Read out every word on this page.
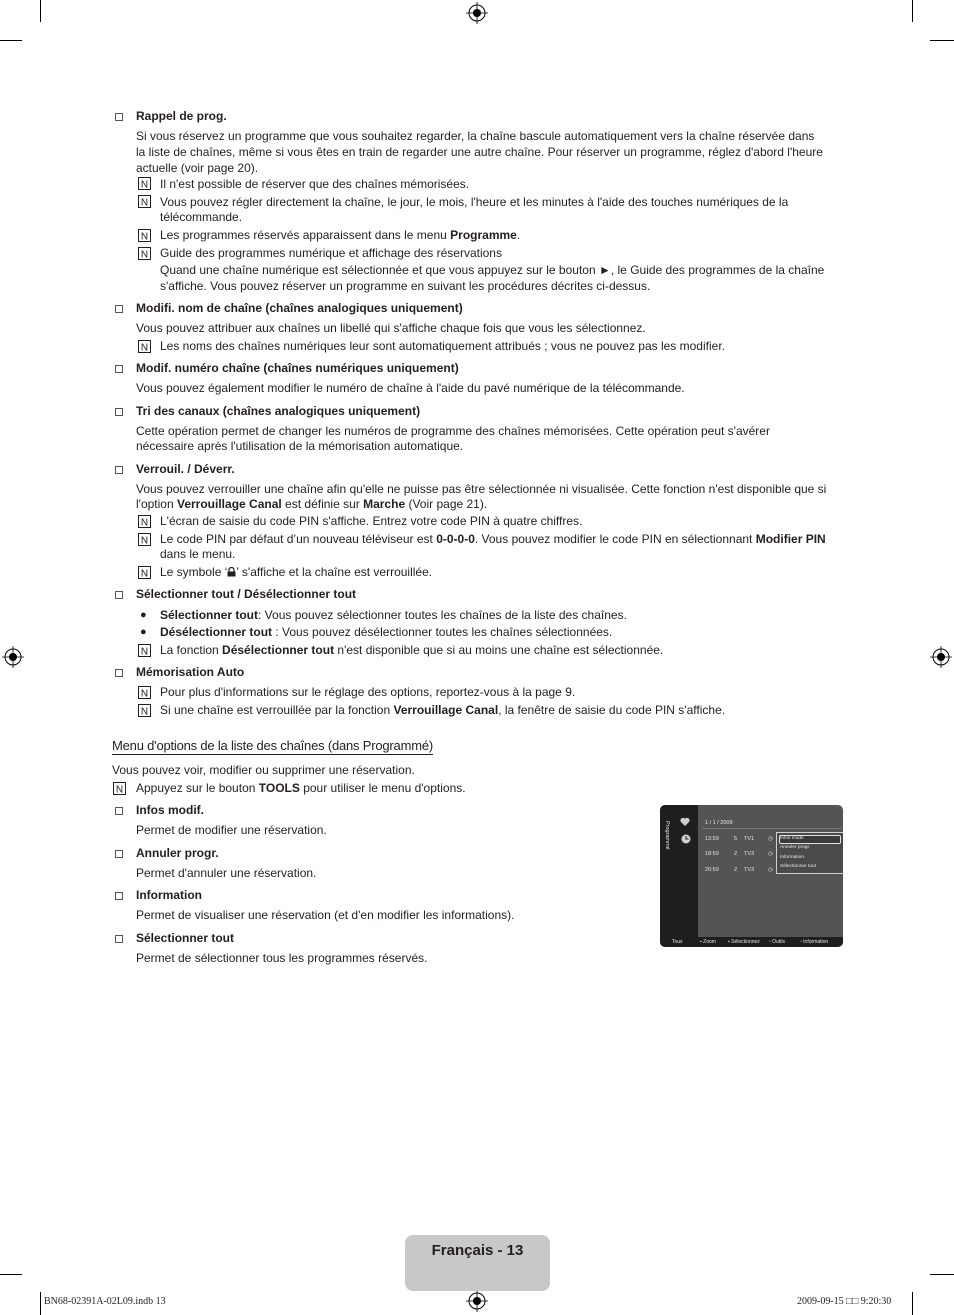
Rappel de prog.
Si vous réservez un programme que vous souhaitez regarder, la chaîne bascule automatiquement vers la chaîne réservée dans
la liste de chaînes, même si vous êtes en train de regarder une autre chaîne. Pour réserver un programme, réglez d'abord l'heure
actuelle (voir page 20).
N Il n'est possible de réserver que des chaînes mémorisées.
N Vous pouvez régler directement la chaîne, le jour, le mois, l'heure et les minutes à l'aide des touches numériques de la
télécommande.
N Les programmes réservés apparaissent dans le menu Programme.
N Guide des programmes numérique et affichage des réservations
Quand une chaîne numérique est sélectionnée et que vous appuyez sur le bouton ►, le Guide des programmes de la chaîne
s'affiche. Vous pouvez réserver un programme en suivant les procédures décrites ci-dessus.
Modifi. nom de chaîne (chaînes analogiques uniquement)
Vous pouvez attribuer aux chaînes un libellé qui s'affiche chaque fois que vous les sélectionnez.
N Les noms des chaînes numériques leur sont automatiquement attribués ; vous ne pouvez pas les modifier.
Modif. numéro chaîne (chaînes numériques uniquement)
Vous pouvez également modifier le numéro de chaîne à l'aide du pavé numérique de la télécommande.
Tri des canaux (chaînes analogiques uniquement)
Cette opération permet de changer les numéros de programme des chaînes mémorisées. Cette opération peut s'avérer
nécessaire après l'utilisation de la mémorisation automatique.
Verrouil. / Déverr.
Vous pouvez verrouiller une chaîne afin qu'elle ne puisse pas être sélectionnée ni visualisée. Cette fonction n'est disponible que si
l'option Verrouillage Canal est définie sur Marche (Voir page 21).
N L'écran de saisie du code PIN s'affiche. Entrez votre code PIN à quatre chiffres.
N Le code PIN par défaut d’un nouveau téléviseur est 0-0-0-0. Vous pouvez modifier le code PIN en sélectionnant Modifier PIN
dans le menu.
N Le symbole ‘ ’ s'affiche et la chaîne est verrouillée.
Sélectionner tout / Désélectionner tout
● Sélectionner tout: Vous pouvez sélectionner toutes les chaînes de la liste des chaînes.
● Désélectionner tout : Vous pouvez désélectionner toutes les chaînes sélectionnées.
N La fonction Désélectionner tout n'est disponible que si au moins une chaîne est sélectionnée.
Mémorisation Auto
N Pour plus d'informations sur le réglage des options, reportez-vous à la page 9.
N Si une chaîne est verrouillée par la fonction Verrouillage Canal, la fenêtre de saisie du code PIN s'affiche.
Menu d'options de la liste des chaînes (dans Programmé)
Vous pouvez voir, modifier ou supprimer une réservation.
N Appuyez sur le bouton TOOLS pour utiliser le menu d'options.
Infos modif.
Permet de modifier une réservation.
Annuler progr.
Permet d'annuler une réservation.
Information
Permet de visualiser une réservation (et d'en modifier les informations).
Sélectionner tout
Permet de sélectionner tous les programmes réservés.
Programmé	1 / 1 / 2009
13:59	5 TV1	◷
18:59	2 TV3	◷
20:59	2 TV3	◷
Infos modif.
Annuler progr.
Information
Sélectionner tout
Tous	▪ Zoom ▪ Sélectionnez ▫ Outils	▫ Information
Français - 13
BN68-02391A-02L09.indb 13	2009-09-15 □□ 9:20:30
